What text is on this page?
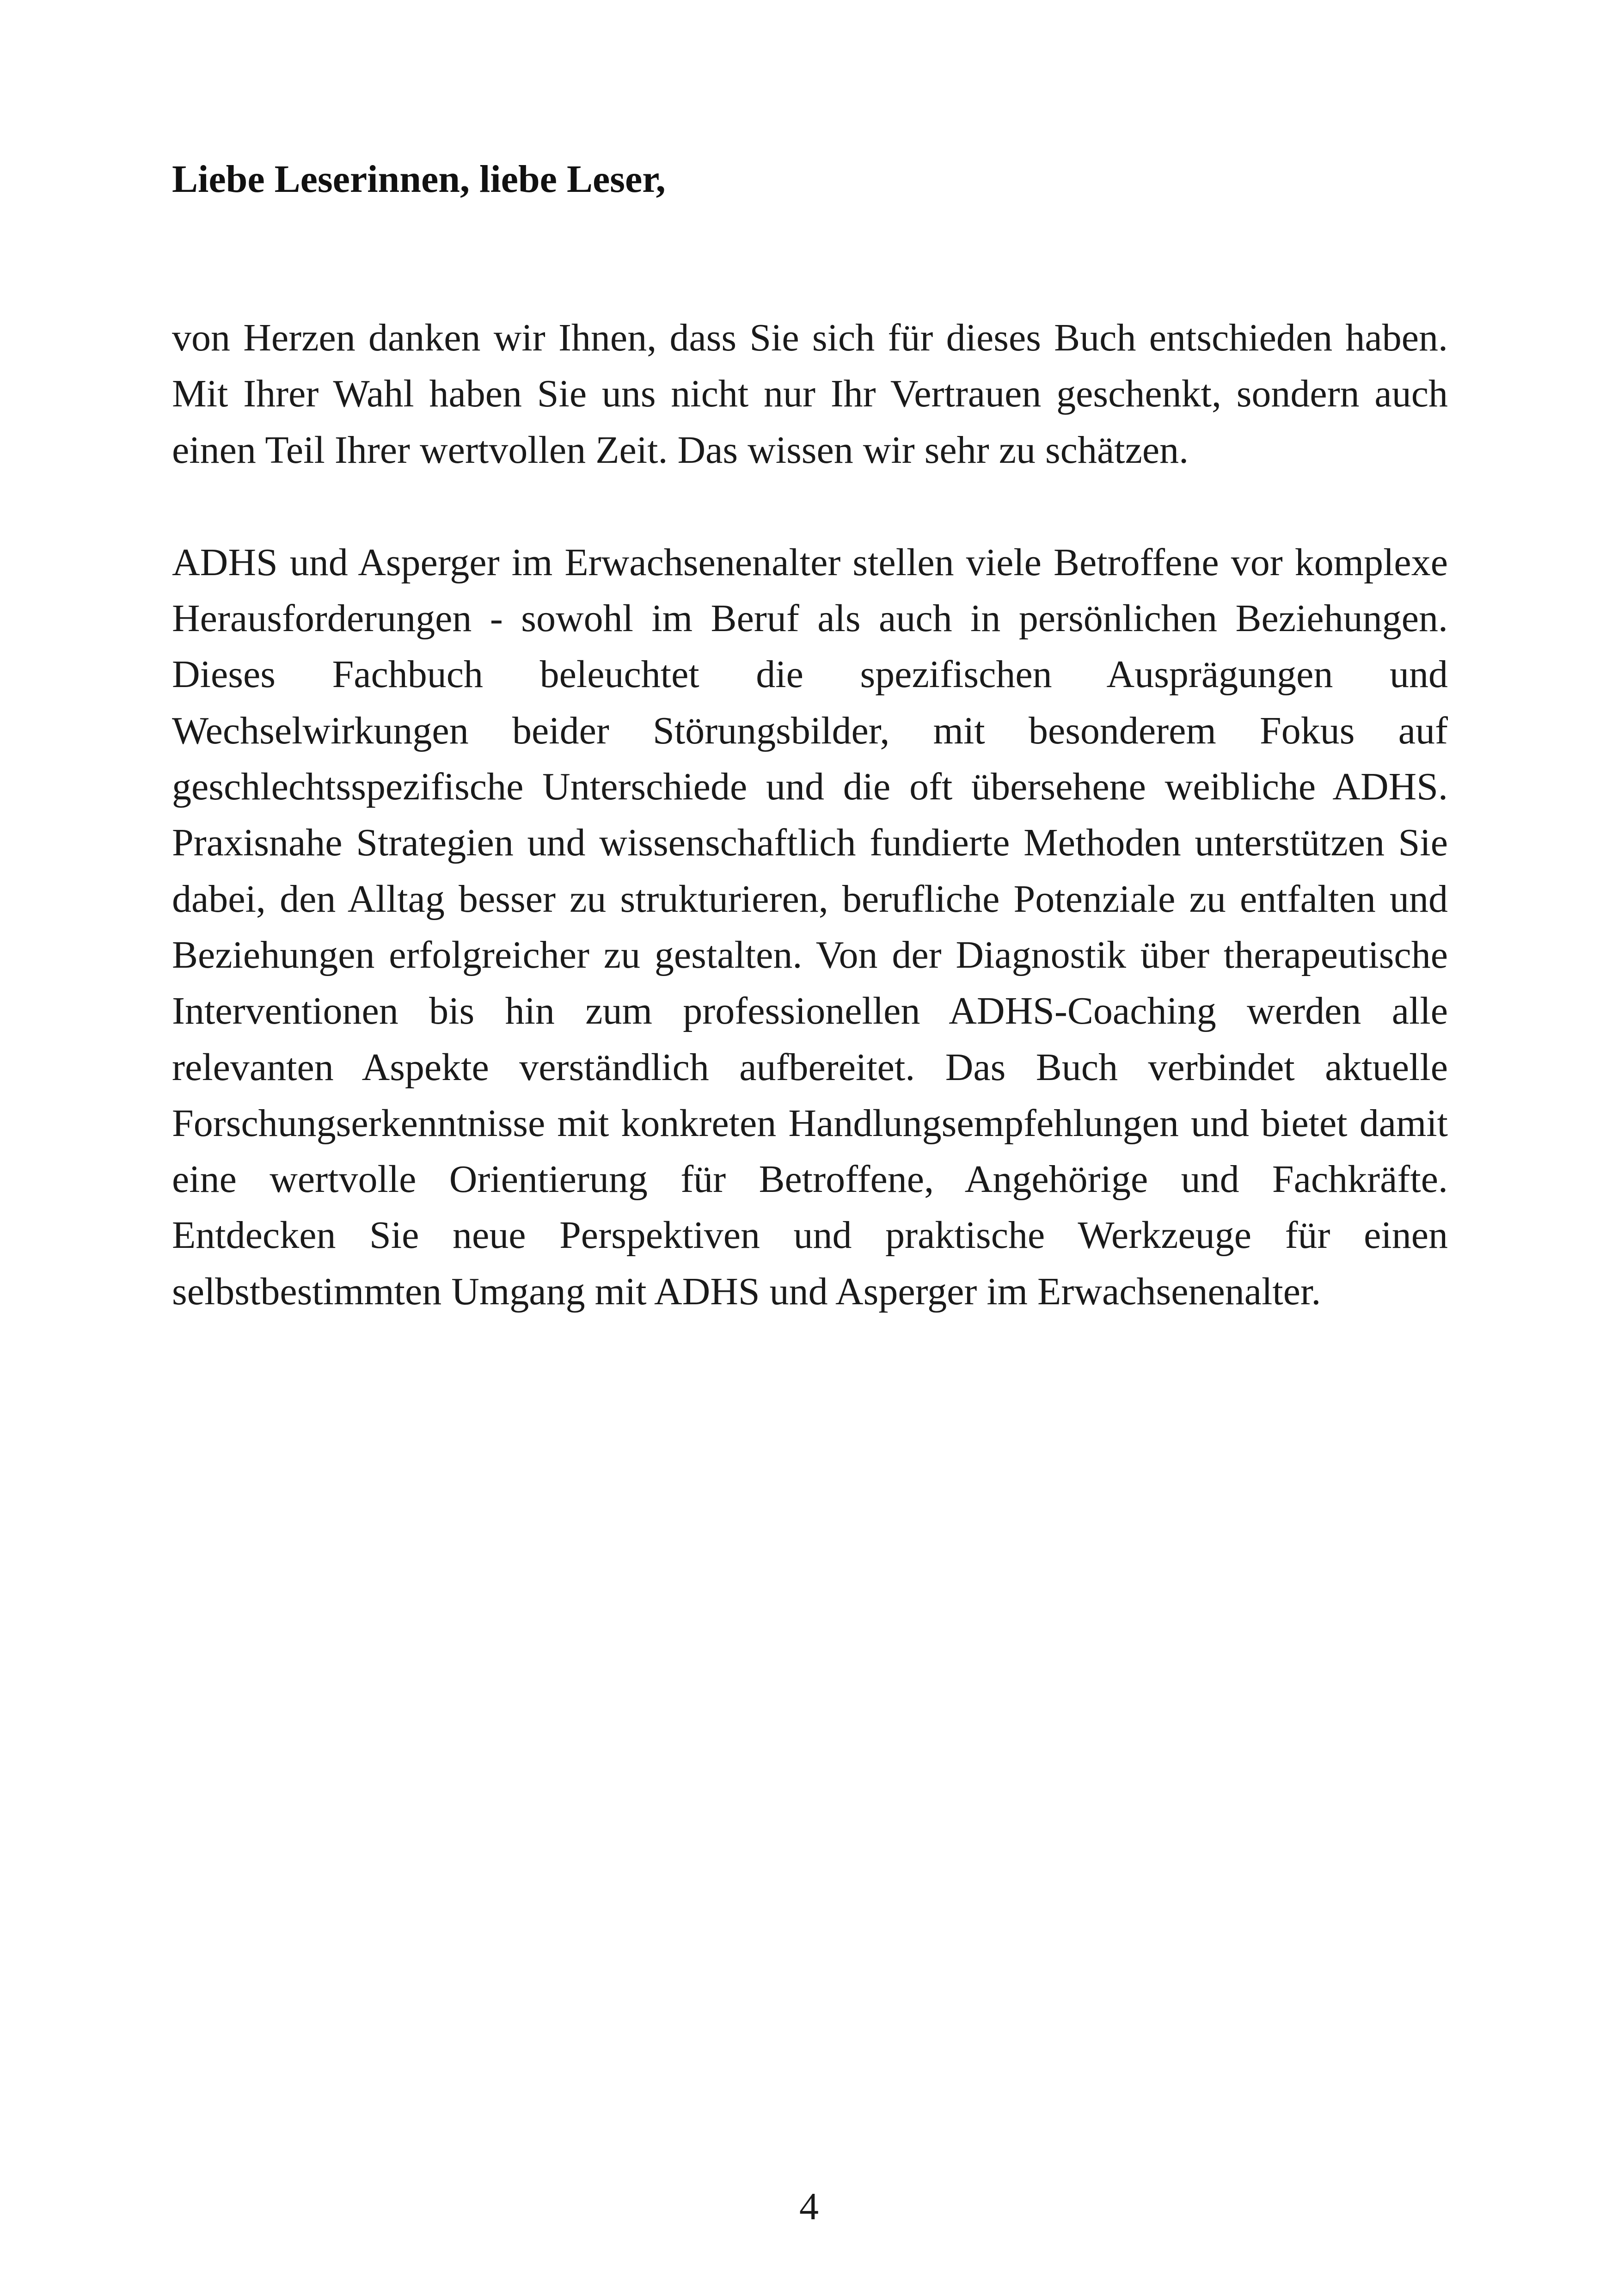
Liebe Leserinnen, liebe Leser,

von Herzen danken wir Ihnen, dass Sie sich für dieses Buch entschieden haben. Mit Ihrer Wahl haben Sie uns nicht nur Ihr Vertrauen geschenkt, sondern auch einen Teil Ihrer wertvollen Zeit. Das wissen wir sehr zu schätzen.

ADHS und Asperger im Erwachsenenalter stellen viele Betroffene vor komplexe Herausforderungen - sowohl im Beruf als auch in persönlichen Beziehungen. Dieses Fachbuch beleuchtet die spezifischen Ausprägungen und Wechselwirkungen beider Störungsbilder, mit besonderem Fokus auf geschlechtsspezifische Unterschiede und die oft übersehene weibliche ADHS. Praxisnahe Strategien und wissenschaftlich fundierte Methoden unterstützen Sie dabei, den Alltag besser zu strukturieren, berufliche Potenziale zu entfalten und Beziehungen erfolgreicher zu gestalten. Von der Diagnostik über therapeutische Interventionen bis hin zum professionellen ADHS-Coaching werden alle relevanten Aspekte verständlich aufbereitet. Das Buch verbindet aktuelle Forschungserkenntnisse mit konkreten Handlungsempfehlungen und bietet damit eine wertvolle Orientierung für Betroffene, Angehörige und Fachkräfte. Entdecken Sie neue Perspektiven und praktische Werkzeuge für einen selbstbestimmten Umgang mit ADHS und Asperger im Erwachsenenalter.

4
